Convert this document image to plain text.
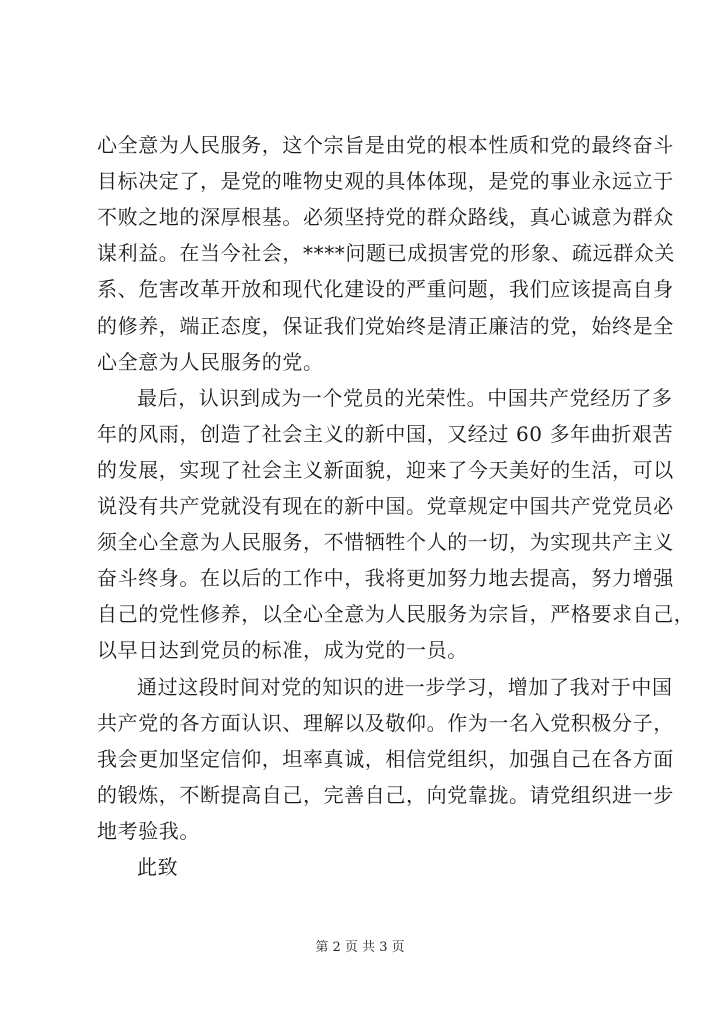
心全意为人民服务，这个宗旨是由党的根本性质和党的最终奋斗
目标决定了，是党的唯物史观的具体体现，是党的事业永远立于
不败之地的深厚根基。必须坚持党的群众路线，真心诚意为群众
谋利益。在当今社会，****问题已成损害党的形象、疏远群众关
系、危害改革开放和现代化建设的严重问题，我们应该提高自身
的修养，端正态度，保证我们党始终是清正廉洁的党，始终是全
心全意为人民服务的党。
最后，认识到成为一个党员的光荣性。中国共产党经历了多
年的风雨，创造了社会主义的新中国，又经过 60 多年曲折艰苦
的发展，实现了社会主义新面貌，迎来了今天美好的生活，可以
说没有共产党就没有现在的新中国。党章规定中国共产党党员必
须全心全意为人民服务，不惜牺牲个人的一切，为实现共产主义
奋斗终身。在以后的工作中，我将更加努力地去提高，努力增强
自己的党性修养，以全心全意为人民服务为宗旨，严格要求自己，
以早日达到党员的标准，成为党的一员。
通过这段时间对党的知识的进一步学习，增加了我对于中国
共产党的各方面认识、理解以及敬仰。作为一名入党积极分子，
我会更加坚定信仰，坦率真诚，相信党组织，加强自己在各方面
的锻炼，不断提高自己，完善自己，向党靠拢。请党组织进一步
地考验我。
此致
第 2 页 共 3 页
